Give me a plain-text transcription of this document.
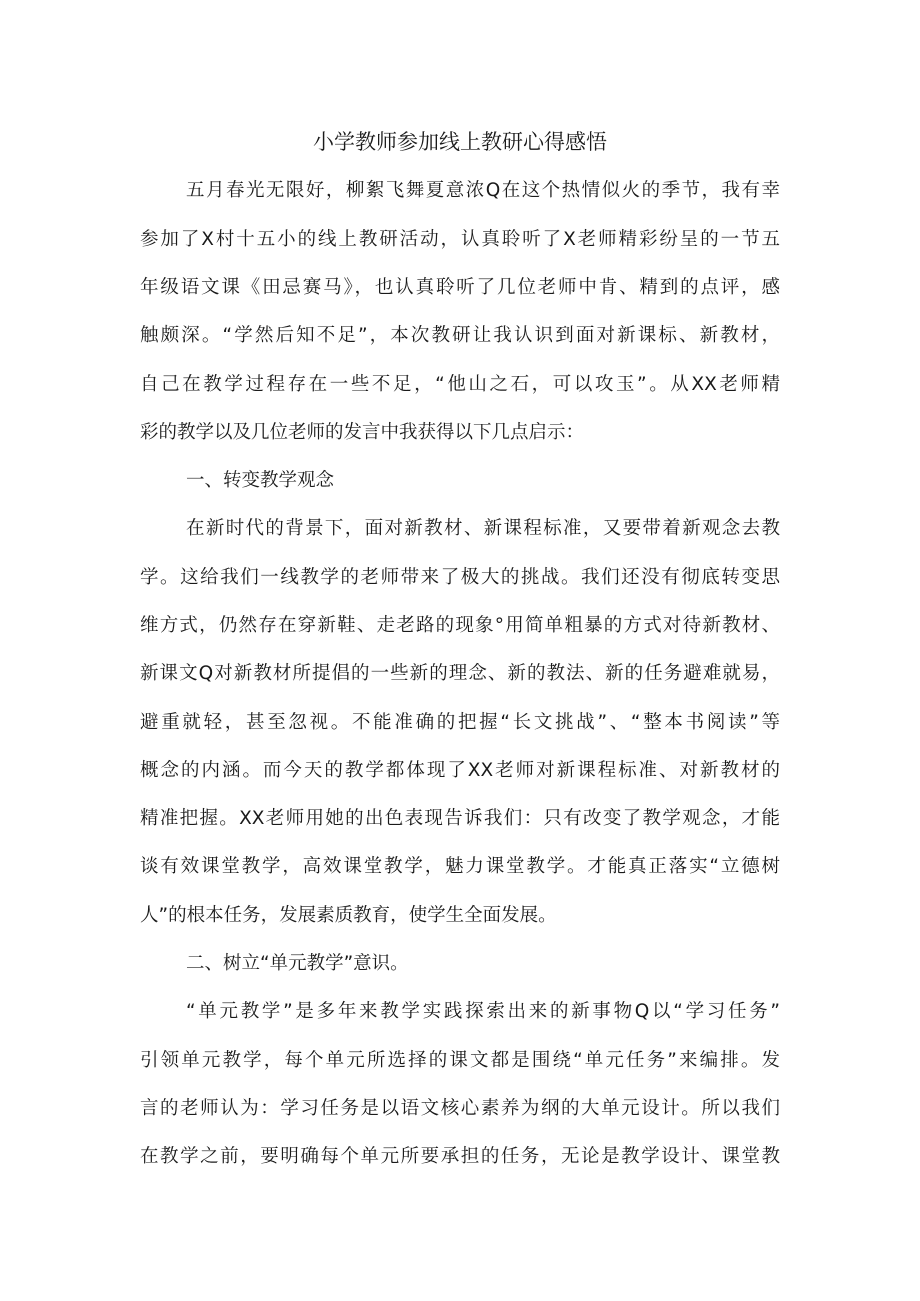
小学教师参加线上教研心得感悟
五月春光无限好，柳絮飞舞夏意浓Q在这个热情似火的季节，我有幸
参加了X村十五小的线上教研活动，认真聆听了X老师精彩纷呈的一节五
年级语文课《田忌赛马》，也认真聆听了几位老师中肯、精到的点评，感
触颇深。“学然后知不足”，本次教研让我认识到面对新课标、新教材，
自己在教学过程存在一些不足，“他山之石，可以攻玉”。从XX老师精
彩的教学以及几位老师的发言中我获得以下几点启示：
一、转变教学观念
在新时代的背景下，面对新教材、新课程标准，又要带着新观念去教
学。这给我们一线教学的老师带来了极大的挑战。我们还没有彻底转变思
维方式，仍然存在穿新鞋、走老路的现象°用简单粗暴的方式对待新教材、
新课文Q对新教材所提倡的一些新的理念、新的教法、新的任务避难就易，
避重就轻，甚至忽视。不能准确的把握“长文挑战”、“整本书阅读”等
概念的内涵。而今天的教学都体现了XX老师对新课程标准、对新教材的
精准把握。XX老师用她的出色表现告诉我们：只有改变了教学观念，才能
谈有效课堂教学，高效课堂教学，魅力课堂教学。才能真正落实“立德树
人”的根本任务，发展素质教育，使学生全面发展。
二、树立“单元教学”意识。
“单元教学”是多年来教学实践探索出来的新事物Q以“学习任务”
引领单元教学，每个单元所选择的课文都是围绕“单元任务”来编排。发
言的老师认为：学习任务是以语文核心素养为纲的大单元设计。所以我们
在教学之前，要明确每个单元所要承担的任务，无论是教学设计、课堂教
